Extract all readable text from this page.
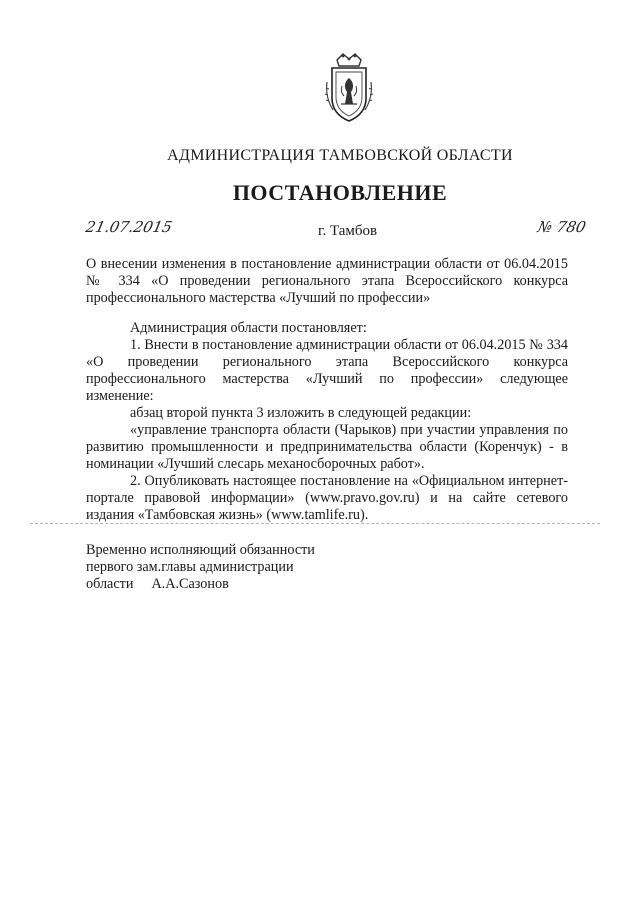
АДМИНИСТРАЦИЯ ТАМБОВСКОЙ ОБЛАСТИ
ПОСТАНОВЛЕНИЕ
21.07.2015	г. Тамбов	№ 780

О внесении изменения в постановление администрации области от 06.04.2015 № 334 «О проведении регионального этапа Всероссийского конкурса профессионального мастерства «Лучший по профессии»

Администрация области постановляет:

1. Внести в постановление администрации области от 06.04.2015 № 334 «О проведении регионального этапа Всероссийского конкурса профессионального мастерства «Лучший по профессии» следующее изменение:

абзац второй пункта 3 изложить в следующей редакции:

«управление транспорта области (Чарыков) при участии управления по развитию промышленности и предпринимательства области (Коренчук) - в номинации «Лучший слесарь механосборочных работ».

2. Опубликовать настоящее постановление на «Официальном интернет-портале правовой информации» (www.pravo.gov.ru) и на сайте сетевого издания «Тамбовская жизнь» (www.tamlife.ru).

Временно исполняющий обязанности
первого зам.главы администрации
области А.А.Сазонов
